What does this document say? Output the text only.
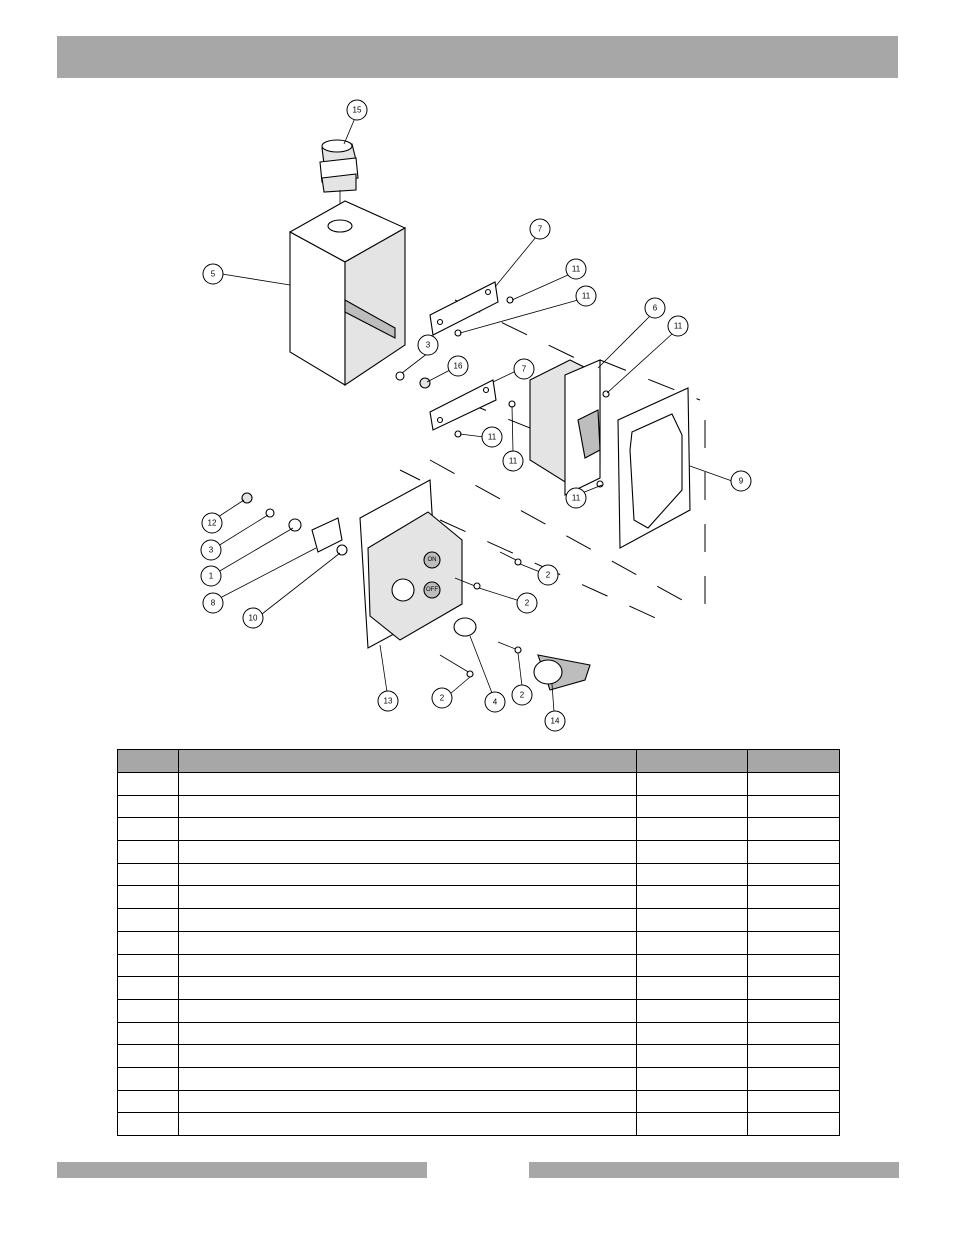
ON
OFF
15
5
7
11
11
3
16
6
11
7
11
11
11
9
12
3
1
8
10
2
2
13	2	4
2
14
